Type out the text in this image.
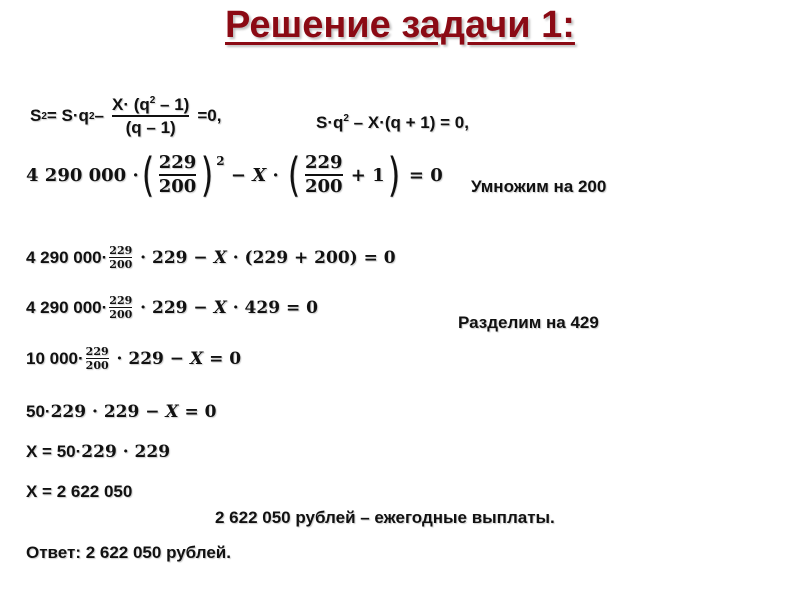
Решение задачи 1:
S 2 = S·q $2 - \frac{X\cdot (q^2 - 1)}{(q - 1)} =0$,	$S\cdot q^2 - X\cdot(q + 1) = 0$,
4 290 000 · ( $\frac{229}{200} )^2$
− X · ( $\frac{229}{200} + 1$ ) = 0
Умножим на 200
4 290 $000\cdot \frac{229}{200} \cdot 229 - X \cdot (229 + 200) = 0$
4 290 $000\cdot \frac{229}{200} \cdot 229 - X \cdot 429 = 0$
Разделим на 429
10 $000\cdot \frac{229}{200} \cdot 229 - X = 0$
50· 229 · 229 − X = 0
X = 50· 229 · 229
X = 2 622 050
2 622 050 рублей – ежегодные выплаты.
Ответ: 2 622 050 рублей.
